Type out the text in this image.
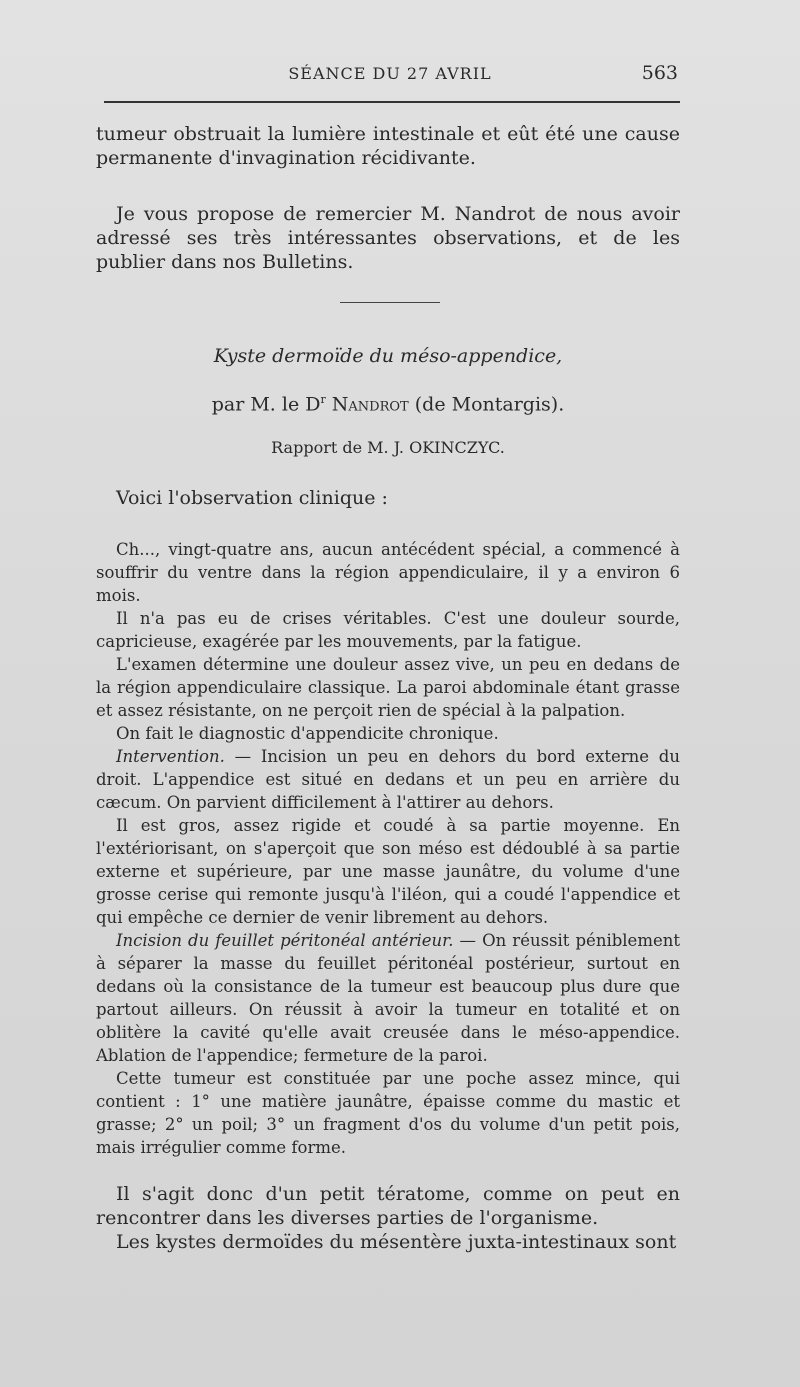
SÉANCE DU 27 AVRIL	563

tumeur obstruait la lumière intestinale et eût été une cause permanente d'invagination récidivante.

Je vous propose de remercier M. Nandrot de nous avoir adressé ses très intéressantes observations, et de les publier dans nos Bulletins.

Kyste dermoïde du méso-appendice,
par M. le $D^r$ Nandrot (de Montargis).
Rapport de M. J. OKINCZYC.

Voici l'observation clinique :

Ch..., vingt-quatre ans, aucun antécédent spécial, a commencé à souffrir du ventre dans la région appendiculaire, il y a environ 6 mois.

Il n'a pas eu de crises véritables. C'est une douleur sourde, capricieuse, exagérée par les mouvements, par la fatigue.

L'examen détermine une douleur assez vive, un peu en dedans de la région appendiculaire classique. La paroi abdominale étant grasse et assez résistante, on ne perçoit rien de spécial à la palpation.

On fait le diagnostic d'appendicite chronique.

Intervention. — Incision un peu en dehors du bord externe du droit. L'appendice est situé en dedans et un peu en arrière du cæcum. On parvient difficilement à l'attirer au dehors.

Il est gros, assez rigide et coudé à sa partie moyenne. En l'extériorisant, on s'aperçoit que son méso est dédoublé à sa partie externe et supérieure, par une masse jaunâtre, du volume d'une grosse cerise qui remonte jusqu'à l'iléon, qui a coudé l'appendice et qui empêche ce dernier de venir librement au dehors.

Incision du feuillet péritonéal antérieur. — On réussit péniblement à séparer la masse du feuillet péritonéal postérieur, surtout en dedans où la consistance de la tumeur est beaucoup plus dure que partout ailleurs. On réussit à avoir la tumeur en totalité et on oblitère la cavité qu'elle avait creusée dans le méso-appendice. Ablation de l'appendice; fermeture de la paroi.

Cette tumeur est constituée par une poche assez mince, qui contient : 1° une matière jaunâtre, épaisse comme du mastic et grasse; 2° un poil; 3° un fragment d'os du volume d'un petit pois, mais irrégulier comme forme.

Il s'agit donc d'un petit tératome, comme on peut en rencontrer dans les diverses parties de l'organisme.

Les kystes dermoïdes du mésentère juxta-intestinaux sont
